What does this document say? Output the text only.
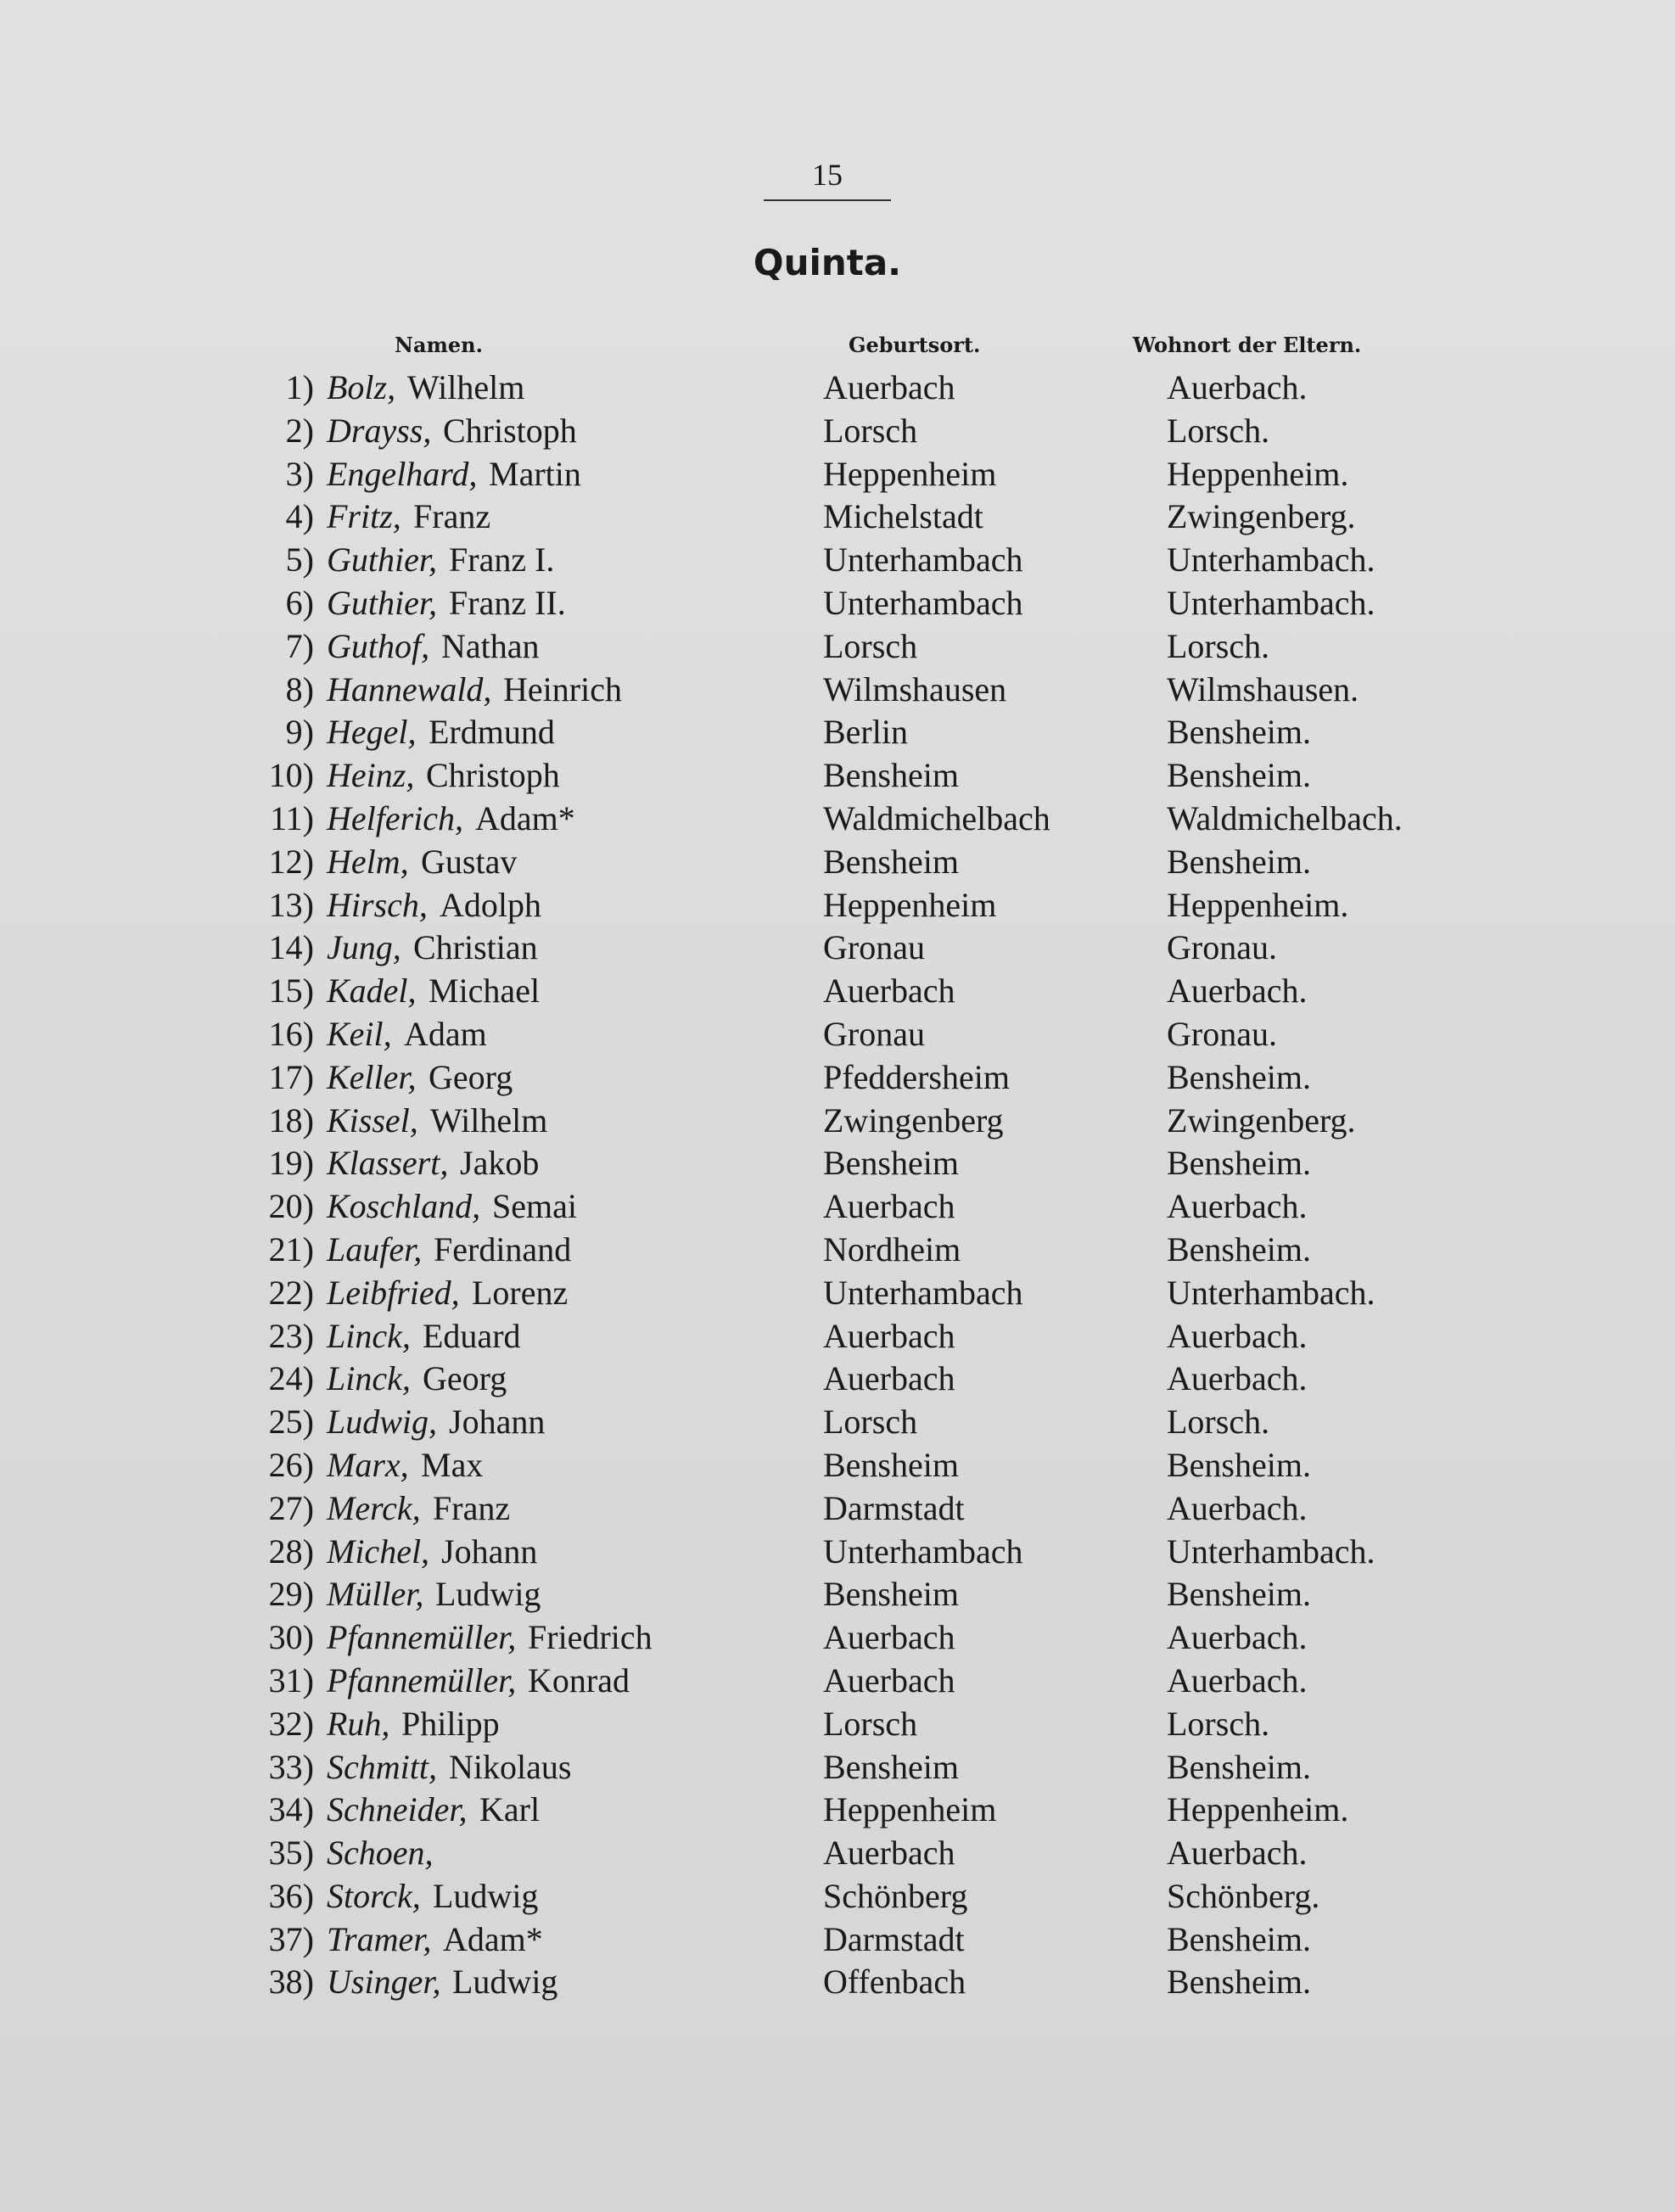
15
Quinta.
Namen.	Geburtsort.	Wohnort der Eltern.
1) Bolz, Wilhelm	Auerbach	Auerbach.
2) Drayss, Christoph	Lorsch	Lorsch.
3) Engelhard, Martin	Heppenheim	Heppenheim.
4) Fritz, Franz	Michelstadt	Zwingenberg.
5) Guthier, Franz I.	Unterhambach	Unterhambach.
6) Guthier, Franz II.	Unterhambach	Unterhambach.
7) Guthof, Nathan	Lorsch	Lorsch.
8) Hannewald, Heinrich	Wilmshausen	Wilmshausen.
9) Hegel, Erdmund	Berlin	Bensheim.
10) Heinz, Christoph	Bensheim	Bensheim.
11) Helferich, Adam*	Waldmichelbach	Waldmichelbach.
12) Helm, Gustav	Bensheim	Bensheim.
13) Hirsch, Adolph	Heppenheim	Heppenheim.
14) Jung, Christian	Gronau	Gronau.
15) Kadel, Michael	Auerbach	Auerbach.
16) Keil, Adam	Gronau	Gronau.
17) Keller, Georg	Pfeddersheim	Bensheim.
18) Kissel, Wilhelm	Zwingenberg	Zwingenberg.
19) Klassert, Jakob	Bensheim	Bensheim.
20) Koschland, Semai	Auerbach	Auerbach.
21) Laufer, Ferdinand	Nordheim	Bensheim.
22) Leibfried, Lorenz	Unterhambach	Unterhambach.
23) Linck, Eduard	Auerbach	Auerbach.
24) Linck, Georg	Auerbach	Auerbach.
25) Ludwig, Johann	Lorsch	Lorsch.
26) Marx, Max	Bensheim	Bensheim.
27) Merck, Franz	Darmstadt	Auerbach.
28) Michel, Johann	Unterhambach	Unterhambach.
29) Müller, Ludwig	Bensheim	Bensheim.
30) Pfannemüller, Friedrich	Auerbach	Auerbach.
31) Pfannemüller, Konrad	Auerbach	Auerbach.
32) Ruh, Philipp	Lorsch	Lorsch.
33) Schmitt, Nikolaus	Bensheim	Bensheim.
34) Schneider, Karl	Heppenheim	Heppenheim.
35) Schoen,	Auerbach	Auerbach.
36) Storck, Ludwig	Schönberg	Schönberg.
37) Tramer, Adam*	Darmstadt	Bensheim.
38) Usinger, Ludwig	Offenbach	Bensheim.
